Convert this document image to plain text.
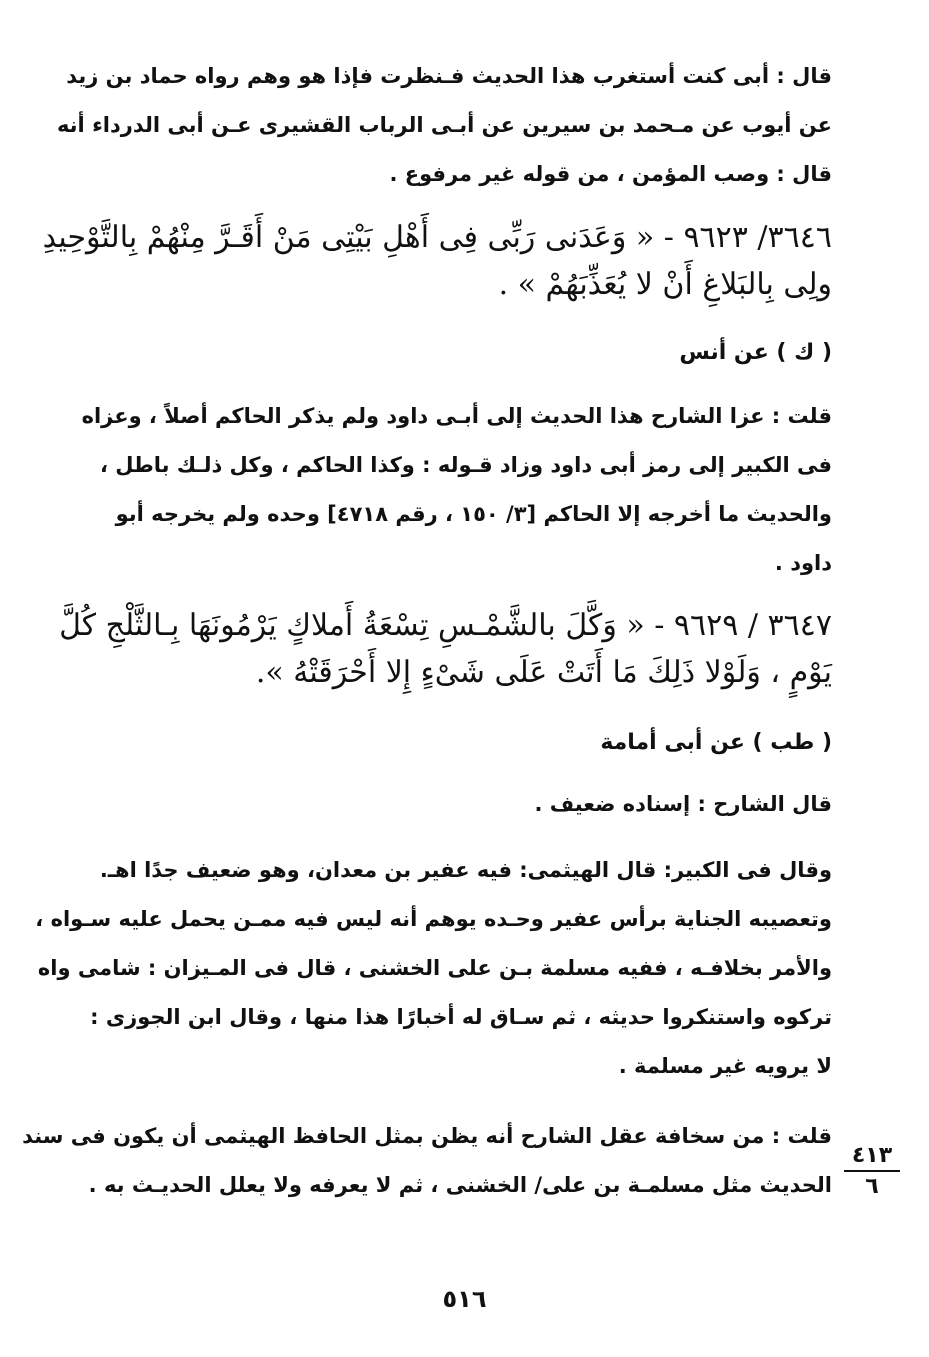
قال : أبى كنت أستغرب هذا الحديث فـنظرت فإذا هو وهم رواه حماد بن زيد
عن أيوب عن مـحمد بن سيرين عن أبـى الرباب القشيرى عـن أبى الدرداء أنه
قال : وصب المؤمن ، من قوله غير مرفوع .
٣٦٤٦/ ٩٦٢٣ - « وَعَدَنى رَبِّى فِى أَهْلِ بَيْتِى مَنْ أَقَـرَّ مِنْهُمْ بِالتَّوْحِيدِ
ولِى بِالبَلاغِ أَنْ لا يُعَذِّبَهُمْ » .
( ك ) عن أنس
قلت : عزا الشارح هذا الحديث إلى أبـى داود ولم يذكر الحاكم أصلاً ، وعزاه
فى الكبير إلى رمز أبى داود وزاد قـوله : وكذا الحاكم ، وكل ذلـك باطل ،
والحديث ما أخرجه إلا الحاكم [٣/ ١٥٠ ، رقم ٤٧١٨] وحده ولم يخرجه أبو
داود .
٣٦٤٧ / ٩٦٢٩ - « وَكَّلَ بالشَّمْـسِ تِسْعَةُ أَملاكٍ يَرْمُونَهَا بِـالثَّلْجِ كُلَّ
يَوْمٍ ، وَلَوْلا ذَلِكَ مَا أَتَتْ عَلَى شَىْءٍ إِلا أَحْرَقَتْهُ ».
( طب ) عن أبى أمامة
قال الشارح : إسناده ضعيف .
وقال فى الكبير: قال الهيثمى: فيه عفير بن معدان، وهو ضعيف جدًا اهـ.
وتعصيبه الجناية برأس عفير وحـده يوهم أنه ليس فيه ممـن يحمل عليه سـواه ،
والأمر بخلافـه ، ففيه مسلمة بـن على الخشنى ، قال فى المـيزان : شامى واه
تركوه واستنكروا حديثه ، ثم سـاق له أخبارًا هذا منها ، وقال ابن الجوزى :
لا يرويه غير مسلمة .
قلت : من سخافة عقل الشارح أنه يظن بمثل الحافظ الهيثمى أن يكون فى سند
الحديث مثل مسلمـة بن على/ الخشنى ، ثم لا يعرفه ولا يعلل الحديـث به .
٤١٣
٦
٥١٦
